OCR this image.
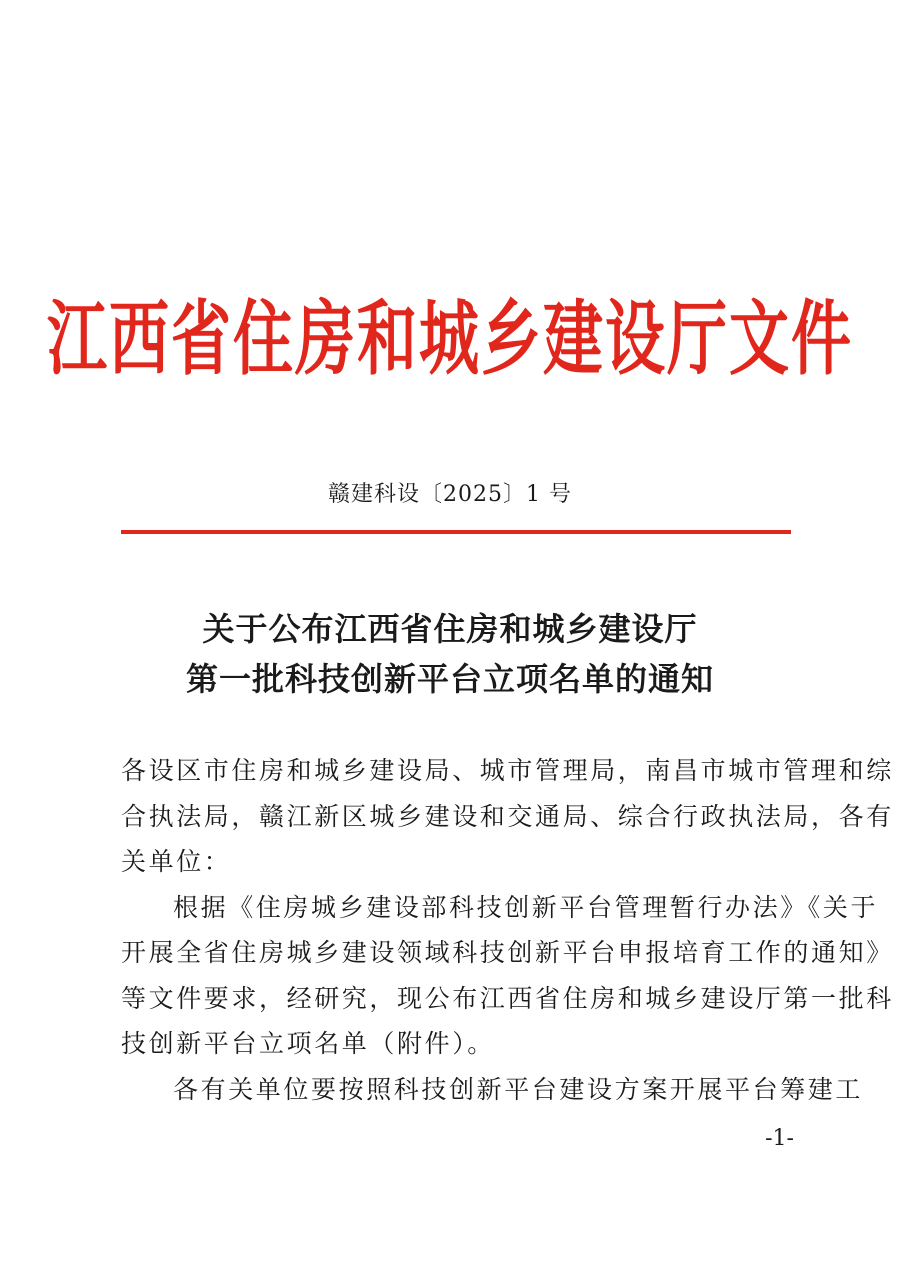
江西省住房和城乡建设厅文件
赣建科设〔2025〕1 号
关于公布江西省住房和城乡建设厅
第一批科技创新平台立项名单的通知

各设区市住房和城乡建设局、城市管理局，南昌市城市管理和综
合执法局，赣江新区城乡建设和交通局、综合行政执法局，各有
关单位：

根据《住房城乡建设部科技创新平台管理暂行办法》《关于
开展全省住房城乡建设领域科技创新平台申报培育工作的通知》
等文件要求，经研究，现公布江西省住房和城乡建设厅第一批科
技创新平台立项名单（附件）。

各有关单位要按照科技创新平台建设方案开展平台筹建工

-1-
